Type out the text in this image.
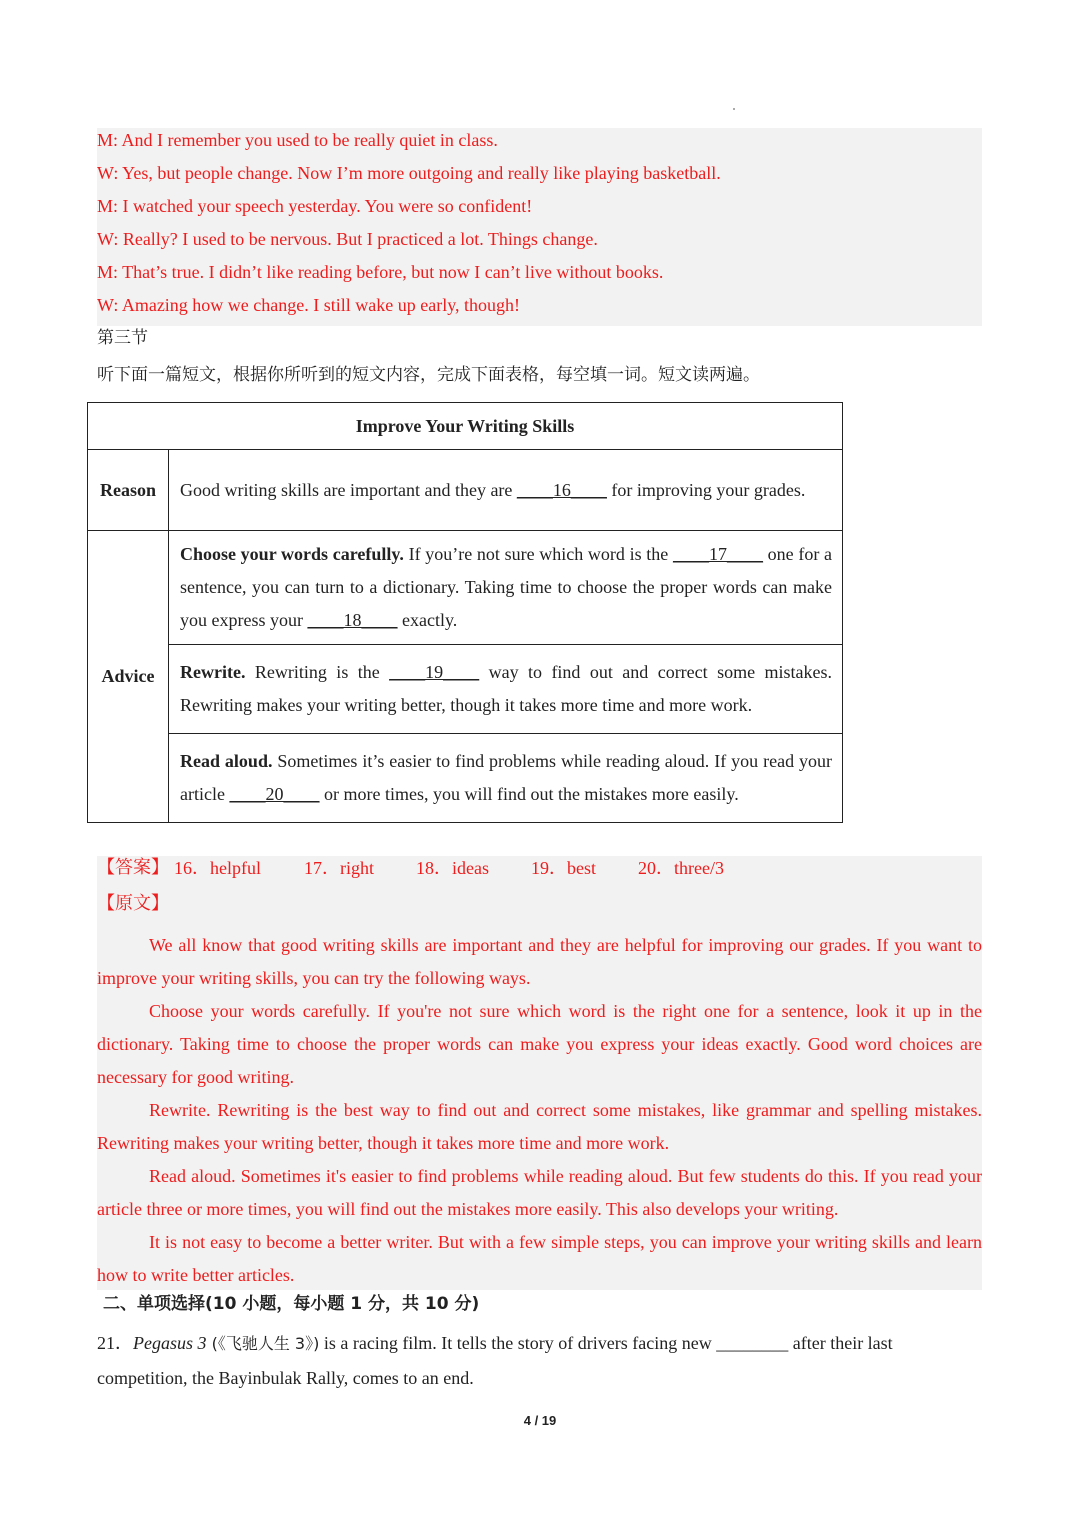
M: And I remember you used to be really quiet in class.
W: Yes, but people change. Now I’m more outgoing and really like playing basketball.
M: I watched your speech yesterday. You were so confident!
W: Really? I used to be nervous. But I practiced a lot. Things change.
M: That’s true. I didn’t like reading before, but now I can’t live without books.
W: Amazing how we change. I still wake up early, though!
第三节
听下面一篇短文，根据你所听到的短文内容，完成下面表格，每空填一词。短文读两遍。
Improve Your Writing Skills	
Reason	Good writing skills are important and they are ____16____ for improving your grades.
Advice	Choose your words carefully. If you’re not sure which word is the ____17____ one for a sentence, you can turn to a dictionary. Taking time to choose the proper words can make you express your ____18____ exactly.
	Rewrite. Rewriting is the ____19____ way to find out and correct some mistakes. Rewriting makes your writing better, though it takes more time and more work.
	Read aloud. Sometimes it’s easier to find problems while reading aloud. If you read your article ____20____ or more times, you will find out the mistakes more easily.
【答案】 16．helpful 17．right 18．ideas 19．best 20．three/3
【原文】

We all know that good writing skills are important and they are helpful for improving our grades. If you want to improve your writing skills, you can try the following ways.

Choose your words carefully. If you're not sure which word is the right one for a sentence, look it up in the dictionary. Taking time to choose the proper words can make you express your ideas exactly. Good word choices are necessary for good writing.

Rewrite. Rewriting is the best way to find out and correct some mistakes, like grammar and spelling mistakes. Rewriting makes your writing better, though it takes more time and more work.

Read aloud. Sometimes it's easier to find problems while reading aloud. But few students do this. If you read your article three or more times, you will find out the mistakes more easily. This also develops your writing.

It is not easy to become a better writer. But with a few simple steps, you can improve your writing skills and learn how to write better articles.

二、单项选择(10 小题，每小题 1 分，共 10 分)
21．Pegasus 3 (《飞驰人生 3》) is a racing film. It tells the story of drivers facing new ________ after their last competition, the Bayinbulak Rally, comes to an end.
4 / 19
